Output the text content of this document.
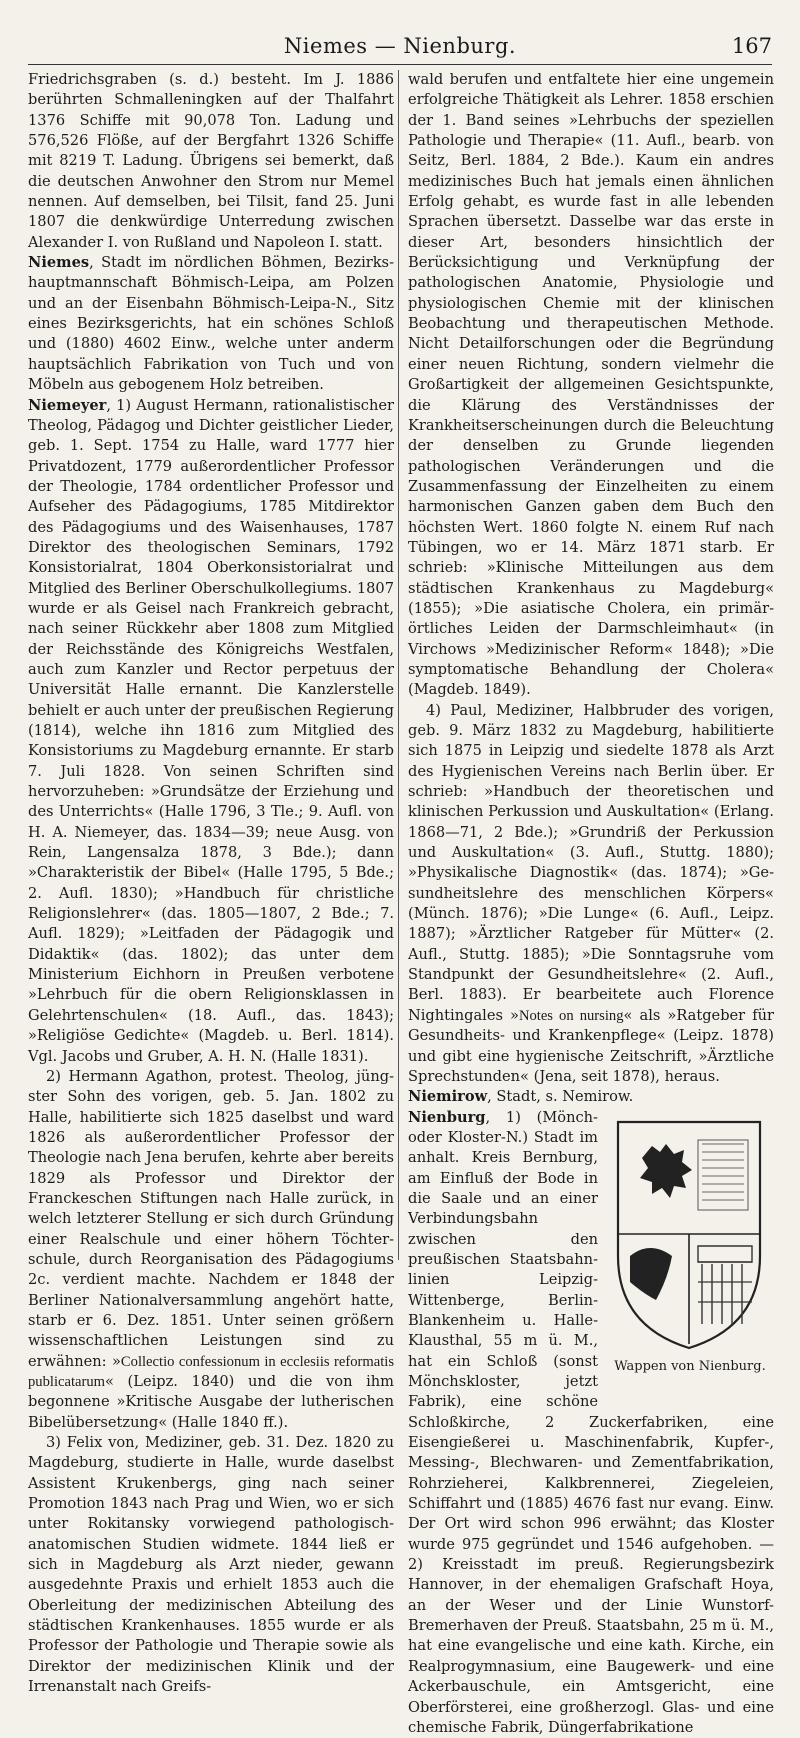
Niemes — Nienburg.	167

Friedrichsgraben (s. d.) besteht. Im J. 1886 berührten Schmalleningken auf der Thalfahrt 1376 Schiffe mit 90,078 Ton. Ladung und 576,526 Flöße, auf der Bergfahrt 1326 Schiffe mit 8219 T. Ladung. Übrigens sei bemerkt, daß die deutschen Anwohner den Strom nur Memel nennen. Auf demselben, bei Tilsit, fand 25. Juni 1807 die denkwürdige Unterredung zwischen Alexander I. von Rußland und Napoleon I. statt.

Niemes, Stadt im nördlichen Böhmen, Bezirkshauptmannschaft Böhmisch-Leipa, am Polzen und an der Eisenbahn Böhmisch-Leipa-N., Sitz eines Bezirksgerichts, hat ein schönes Schloß und (1880) 4602 Einw., welche unter anderm hauptsächlich Fabrikation von Tuch und von Möbeln aus gebogenem Holz betreiben.

Niemeyer, 1) August Hermann, rationalistischer Theolog, Pädagog und Dichter geistlicher Lieder, geb. 1. Sept. 1754 zu Halle, ward 1777 hier Privatdozent, 1779 außerordentlicher Professor der Theologie, 1784 ordentlicher Professor und Aufseher des Pädagogiums, 1785 Mitdirektor des Pädagogiums und des Waisenhauses, 1787 Direktor des theologischen Seminars, 1792 Konsistorialrat, 1804 Oberkonsistorialrat und Mitglied des Berliner Oberschulkollegiums. 1807 wurde er als Geisel nach Frankreich gebracht, nach seiner Rückkehr aber 1808 zum Mitglied der Reichsstände des Königreichs Westfalen, auch zum Kanzler und Rector perpetuus der Universität Halle ernannt. Die Kanzlerstelle behielt er auch unter der preußischen Regierung (1814), welche ihn 1816 zum Mitglied des Konsistoriums zu Magdeburg ernannte. Er starb 7. Juli 1828. Von seinen Schriften sind hervorzuheben: »Grundsätze der Erziehung und des Unterrichts« (Halle 1796, 3 Tle.; 9. Aufl. von H. A. Niemeyer, das. 1834—39; neue Ausg. von Rein, Langensalza 1878, 3 Bde.); dann »Charakteristik der Bibel« (Halle 1795, 5 Bde.; 2. Aufl. 1830); »Handbuch für christliche Religionslehrer« (das. 1805—1807, 2 Bde.; 7. Aufl. 1829); »Leitfaden der Pädagogik und Didaktik« (das. 1802); das unter dem Ministerium Eichhorn in Preußen verbotene »Lehrbuch für die obern Religionsklassen in Gelehrtenschulen« (18. Aufl., das. 1843); »Religiöse Gedichte« (Magdeb. u. Berl. 1814). Vgl. Jacobs und Gruber, A. H. N. (Halle 1831).

2) Hermann Agathon, protest. Theolog, jüngster Sohn des vorigen, geb. 5. Jan. 1802 zu Halle, habilitierte sich 1825 daselbst und ward 1826 als außerordentlicher Professor der Theologie nach Jena berufen, kehrte aber bereits 1829 als Professor und Direktor der Franckeschen Stiftungen nach Halle zurück, in welch letzterer Stellung er sich durch Gründung einer Realschule und einer höhern Töchterschule, durch Reorganisation des Pädagogiums 2c. verdient machte. Nachdem er 1848 der Berliner Nationalversammlung angehört hatte, starb er 6. Dez. 1851. Unter seinen größern wissenschaftlichen Leistungen sind zu erwähnen: »Collectio confessionum in ecclesiis reformatis publicatarum« (Leipz. 1840) und die von ihm begonnene »Kritische Ausgabe der lutherischen Bibelübersetzung« (Halle 1840 ff.).

3) Felix von, Mediziner, geb. 31. Dez. 1820 zu Magdeburg, studierte in Halle, wurde daselbst Assistent Krukenbergs, ging nach seiner Promotion 1843 nach Prag und Wien, wo er sich unter Rokitansky vorwiegend pathologisch-anatomischen Studien widmete. 1844 ließ er sich in Magdeburg als Arzt nieder, gewann ausgedehnte Praxis und erhielt 1853 auch die Oberleitung der medizinischen Abteilung des städtischen Krankenhauses. 1855 wurde er als Professor der Pathologie und Therapie sowie als Direktor der medizinischen Klinik und der Irrenanstalt nach Greifs-

wald berufen und entfaltete hier eine ungemein erfolgreiche Thätigkeit als Lehrer. 1858 erschien der 1. Band seines »Lehrbuchs der speziellen Pathologie und Therapie« (11. Aufl., bearb. von Seitz, Berl. 1884, 2 Bde.). Kaum ein andres medizinisches Buch hat jemals einen ähnlichen Erfolg gehabt, es wurde fast in alle lebenden Sprachen übersetzt. Dasselbe war das erste in dieser Art, besonders hinsichtlich der Berücksichtigung und Verknüpfung der pathologischen Anatomie, Physiologie und physiologischen Chemie mit der klinischen Beobachtung und therapeutischen Methode. Nicht Detailforschungen oder die Begründung einer neuen Richtung, sondern vielmehr die Großartigkeit der allgemeinen Gesichtspunkte, die Klärung des Verständnisses der Krankheitserscheinungen durch die Beleuchtung der denselben zu Grunde liegenden pathologischen Veränderungen und die Zusammenfassung der Einzelheiten zu einem harmonischen Ganzen gaben dem Buch den höchsten Wert. 1860 folgte N. einem Ruf nach Tübingen, wo er 14. März 1871 starb. Er schrieb: »Klinische Mitteilungen aus dem städtischen Krankenhaus zu Magdeburg« (1855); »Die asiatische Cholera, ein primärörtliches Leiden der Darmschleimhaut« (in Virchows »Medizinischer Reform« 1848); »Die symptomatische Behandlung der Cholera« (Magdeb. 1849).

4) Paul, Mediziner, Halbbruder des vorigen, geb. 9. März 1832 zu Magdeburg, habilitierte sich 1875 in Leipzig und siedelte 1878 als Arzt des Hygienischen Vereins nach Berlin über. Er schrieb: »Handbuch der theoretischen und klinischen Perkussion und Auskultation« (Erlang. 1868—71, 2 Bde.); »Grundriß der Perkussion und Auskultation« (3. Aufl., Stuttg. 1880); »Physikalische Diagnostik« (das. 1874); »Gesundheitslehre des menschlichen Körpers« (Münch. 1876); »Die Lunge« (6. Aufl., Leipz. 1887); »Ärztlicher Ratgeber für Mütter« (2. Aufl., Stuttg. 1885); »Die Sonntagsruhe vom Standpunkt der Gesundheitslehre« (2. Aufl., Berl. 1883). Er bearbeitete auch Florence Nightingales »Notes on nursing« als »Ratgeber für Gesundheits- und Krankenpflege« (Leipz. 1878) und gibt eine hygienische Zeitschrift, »Ärztliche Sprechstunden« (Jena, seit 1878), heraus.

Niemirow, Stadt, s. Nemirow.

Nienburg
Wappen von Nienburg.
, 1) (Mönch- oder Kloster-N.) Stadt im anhalt. Kreis Bernburg, am Einfluß der Bode in die Saale und an einer Verbindungsbahn zwischen den preußischen Staatsbahnlinien Leipzig-Wittenberge, Berlin-Blankenheim u. Halle-Klausthal, 55 m ü. M., hat ein Schloß (sonst Mönchskloster, jetzt Fabrik), eine schöne Schloßkirche, 2 Zuckerfabriken, eine Eisengießerei u. Maschinenfabrik, Kupfer-, Messing-, Blechwaren- und Zementfabrikation, Rohrzieherei, Kalkbrennerei, Ziegeleien, Schiffahrt und (1885) 4676 fast nur evang. Einw. Der Ort wird schon 996 erwähnt; das Kloster wurde 975 gegründet und 1546 aufgehoben. — 2) Kreisstadt im preuß. Regierungsbezirk Hannover, in der ehemaligen Grafschaft Hoya, an der Weser und der Linie Wunstorf-Bremerhaven der Preuß. Staatsbahn, 25 m ü. M., hat eine evangelische und eine kath. Kirche, ein Realprogymnasium, eine Baugewerk- und eine Ackerbauschule, ein Amtsgericht, eine Oberförsterei, eine großherzogl. Glas- und eine chemische Fabrik, Düngerfabrikatione
